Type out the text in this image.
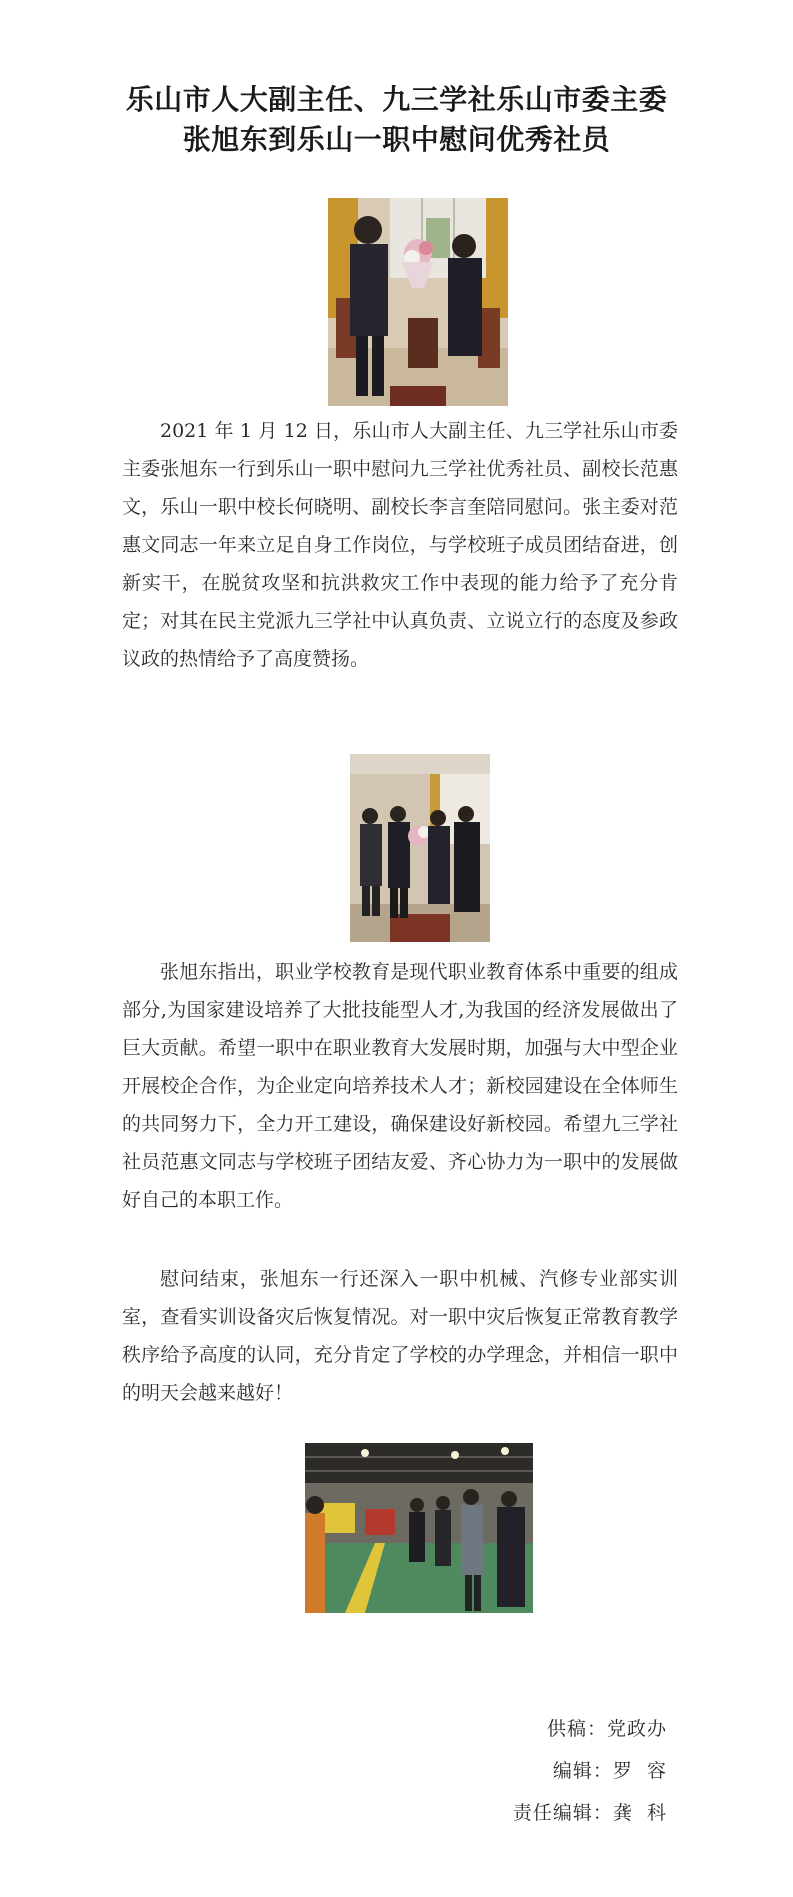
乐山市人大副主任、九三学社乐山市委主委
张旭东到乐山一职中慰问优秀社员

2021 年 1 月 12 日，乐山市人大副主任、九三学社乐山市委主委张旭东一行到乐山一职中慰问九三学社优秀社员、副校长范惠文，乐山一职中校长何晓明、副校长李言奎陪同慰问。张主委对范惠文同志一年来立足自身工作岗位，与学校班子成员团结奋进，创新实干，在脱贫攻坚和抗洪救灾工作中表现的能力给予了充分肯定；对其在民主党派九三学社中认真负责、立说立行的态度及参政议政的热情给予了高度赞扬。

张旭东指出，职业学校教育是现代职业教育体系中重要的组成部分,为国家建设培养了大批技能型人才,为我国的经济发展做出了巨大贡献。希望一职中在职业教育大发展时期，加强与大中型企业开展校企合作，为企业定向培养技术人才；新校园建设在全体师生的共同努力下，全力开工建设，确保建设好新校园。希望九三学社社员范惠文同志与学校班子团结友爱、齐心协力为一职中的发展做好自己的本职工作。

慰问结束，张旭东一行还深入一职中机械、汽修专业部实训室，查看实训设备灾后恢复情况。对一职中灾后恢复正常教育教学秩序给予高度的认同，充分肯定了学校的办学理念，并相信一职中的明天会越来越好！

供稿：党政办
编辑：罗  容
责任编辑：龚  科
